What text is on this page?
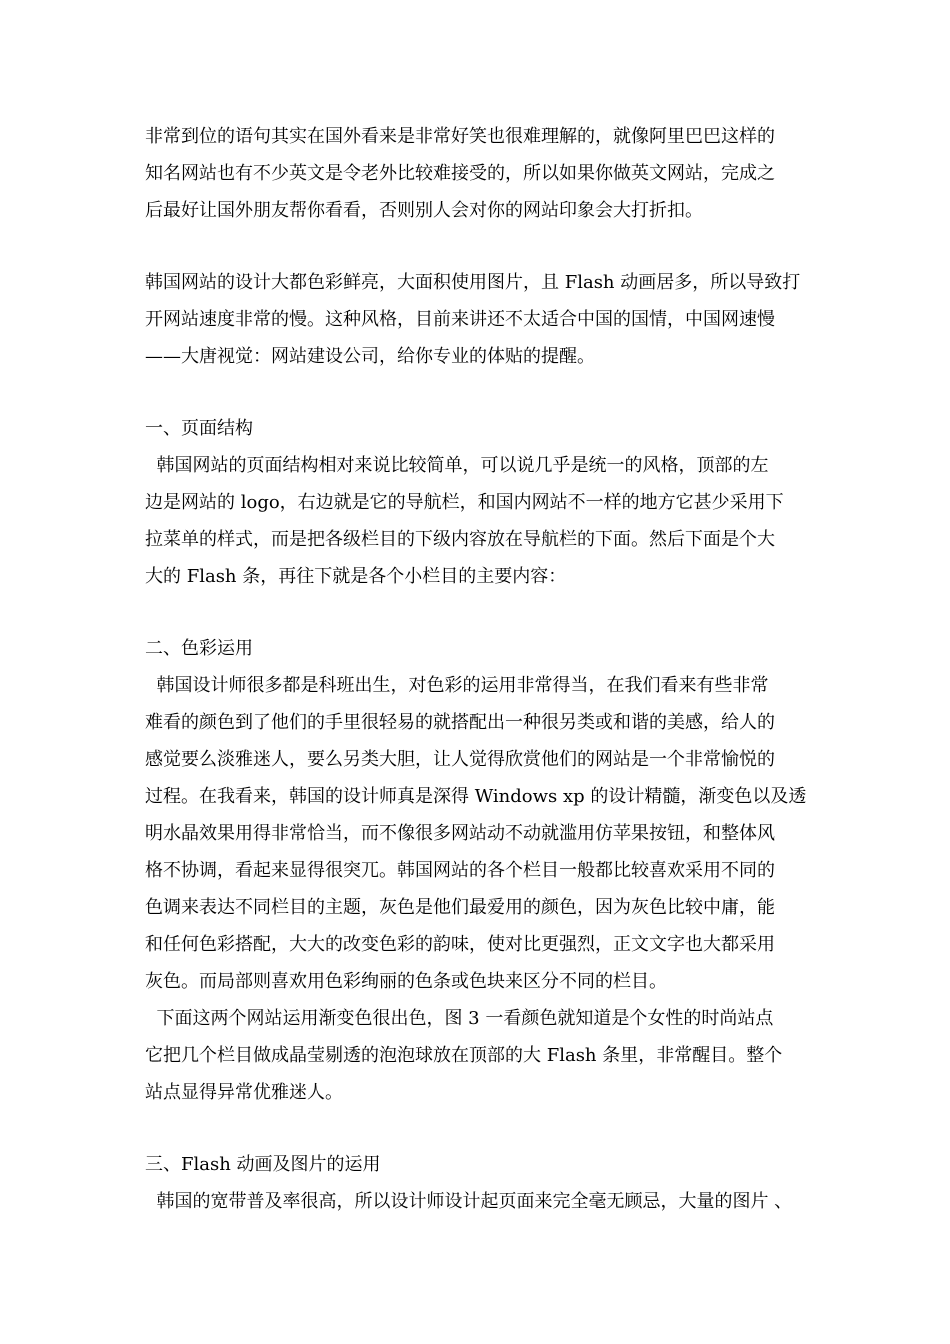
非常到位的语句其实在国外看来是非常好笑也很难理解的，就像阿里巴巴这样的
知名网站也有不少英文是令老外比较难接受的，所以如果你做英文网站，完成之
后最好让国外朋友帮你看看，否则别人会对你的网站印象会大打折扣。
韩国网站的设计大都色彩鲜亮，大面积使用图片，且 Flash 动画居多，所以导致打
开网站速度非常的慢。这种风格，目前来讲还不太适合中国的国情，中国网速慢
——大唐视觉：网站建设公司，给你专业的体贴的提醒。
一、页面结构
韩国网站的页面结构相对来说比较简单，可以说几乎是统一的风格，顶部的左
边是网站的 logo，右边就是它的导航栏，和国内网站不一样的地方它甚少采用下
拉菜单的样式，而是把各级栏目的下级内容放在导航栏的下面。然后下面是个大
大的 Flash 条，再往下就是各个小栏目的主要内容：
二、色彩运用
韩国设计师很多都是科班出生，对色彩的运用非常得当，在我们看来有些非常
难看的颜色到了他们的手里很轻易的就搭配出一种很另类或和谐的美感，给人的
感觉要么淡雅迷人，要么另类大胆，让人觉得欣赏他们的网站是一个非常愉悦的
过程。在我看来，韩国的设计师真是深得 Windows xp 的设计精髓，渐变色以及透
明水晶效果用得非常恰当，而不像很多网站动不动就滥用仿苹果按钮，和整体风
格不协调，看起来显得很突兀。韩国网站的各个栏目一般都比较喜欢采用不同的
色调来表达不同栏目的主题，灰色是他们最爱用的颜色，因为灰色比较中庸，能
和任何色彩搭配，大大的改变色彩的韵味，使对比更强烈，正文文字也大都采用
灰色。而局部则喜欢用色彩绚丽的色条或色块来区分不同的栏目。
下面这两个网站运用渐变色很出色，图 3 一看颜色就知道是个女性的时尚站点
它把几个栏目做成晶莹剔透的泡泡球放在顶部的大 Flash 条里，非常醒目。整个
站点显得异常优雅迷人。
三、Flash 动画及图片的运用
韩国的宽带普及率很高，所以设计师设计起页面来完全毫无顾忌，大量的图片 、
